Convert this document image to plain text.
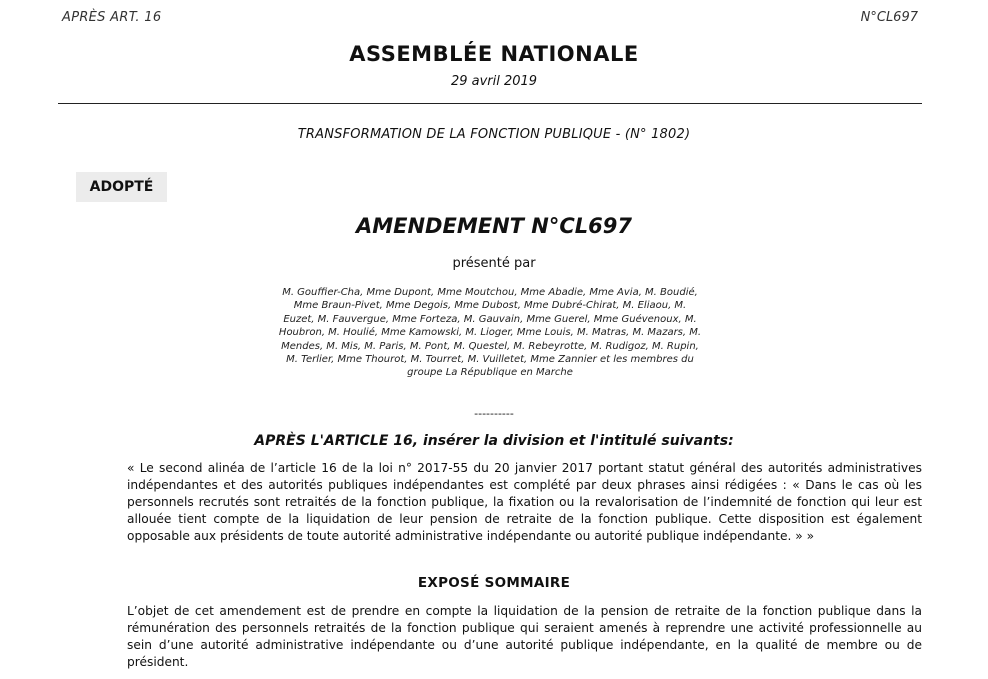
APRÈS ART. 16	N°CL697
ASSEMBLÉE NATIONALE
29 avril 2019
TRANSFORMATION DE LA FONCTION PUBLIQUE - (N° 1802)
ADOPTÉ
AMENDEMENT N°CL697
présenté par
M. Gouffier-Cha, Mme Dupont, Mme Moutchou, Mme Abadie, Mme Avia, M. Boudié, Mme Braun-Pivet, Mme Degois, Mme Dubost, Mme Dubré-Chirat, M. Eliaou, M. Euzet, M. Fauvergue, Mme Forteza, M. Gauvain, Mme Guerel, Mme Guévenoux, M. Houbron, M. Houlié, Mme Kamowski, M. Lioger, Mme Louis, M. Matras, M. Mazars, M. Mendes, M. Mis, M. Paris, M. Pont, M. Questel, M. Rebeyrotte, M. Rudigoz, M. Rupin, M. Terlier, Mme Thourot, M. Tourret, M. Vuilletet, Mme Zannier et les membres du groupe La République en Marche
----------
APRÈS L'ARTICLE 16, insérer la division et l'intitulé suivants:
« Le second alinéa de l’article 16 de la loi n° 2017-55 du 20 janvier 2017 portant statut général des autorités administratives indépendantes et des autorités publiques indépendantes est complété par deux phrases ainsi rédigées : « Dans le cas où les personnels recrutés sont retraités de la fonction publique, la fixation ou la revalorisation de l’indemnité de fonction qui leur est allouée tient compte de la liquidation de leur pension de retraite de la fonction publique. Cette disposition est également opposable aux présidents de toute autorité administrative indépendante ou autorité publique indépendante. » »
EXPOSÉ SOMMAIRE
L’objet de cet amendement est de prendre en compte la liquidation de la pension de retraite de la fonction publique dans la rémunération des personnels retraités de la fonction publique qui seraient amenés à reprendre une activité professionnelle au sein d’une autorité administrative indépendante ou d’une autorité publique indépendante, en la qualité de membre ou de président.
